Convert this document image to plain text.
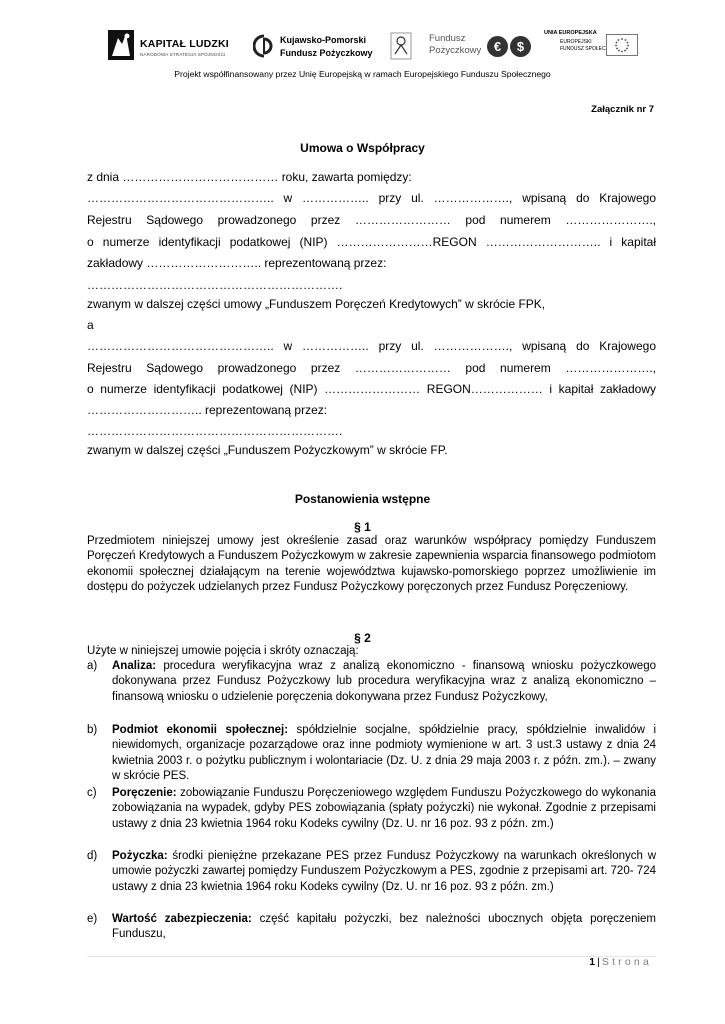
KAPITAŁ LUDZKI
NARODOWA STRATEGIA SPÓJNOŚCI
Kujawsko-Pomorski
Fundusz Pożyczkowy
Fundusz
Pożyczkowy €	$
UNIA EUROPEJSKA
EUROPEJSKI
FUNDUSZ SPOŁECZNY
Projekt współfinansowany przez Unię Europejską w ramach Europejskiego Funduszu Społecznego
Załącznik nr 7
Umowa o Współpracy
z dnia ………………………………… roku, zawarta pomiędzy:
……………………………………….. w …………….. przy ul. ………………., wpisaną do Krajowego
Rejestru Sądowego prowadzonego przez …………………… pod numerem ………………….,
o numerze identyfikacji podatkowej (NIP) ……………………REGON ……………………….. i kapitał
zakładowy ……………………….. reprezentowaną przez:
……………………………………………………….
zwanym w dalszej części umowy „Funduszem Poręczeń Kredytowych” w skrócie FPK,
a
……………………………………….. w …………….. przy ul. ………………., wpisaną do Krajowego
Rejestru Sądowego prowadzonego przez …………………… pod numerem ………………….,
o numerze identyfikacji podatkowej (NIP) …………………… REGON……………… i kapitał zakładowy
……………………….. reprezentowaną przez:
……………………………………………………….
zwanym w dalszej części „Funduszem Pożyczkowym” w skrócie FP.
Postanowienia wstępne
§ 1
Przedmiotem niniejszej umowy jest określenie zasad oraz warunków współpracy pomiędzy Funduszem Poręczeń Kredytowych a Funduszem Pożyczkowym w zakresie zapewnienia wsparcia finansowego podmiotom ekonomii społecznej działającym na terenie województwa kujawsko-pomorskiego poprzez umożliwienie im dostępu do pożyczek udzielanych przez Fundusz Pożyczkowy poręczonych przez Fundusz Poręczeniowy.
§ 2
Użyte w niniejszej umowie pojęcia i skróty oznaczają:
a) Analiza: procedura weryfikacyjna wraz z analizą ekonomiczno - finansową wniosku pożyczkowego dokonywana przez Fundusz Pożyczkowy lub procedura weryfikacyjna wraz z analizą ekonomiczno – finansową wniosku o udzielenie poręczenia dokonywana przez Fundusz Pożyczkowy,
b) Podmiot ekonomii społecznej: spółdzielnie socjalne, spółdzielnie pracy, spółdzielnie inwalidów i niewidomych, organizacje pozarządowe oraz inne podmioty wymienione w art. 3 ust.3 ustawy z dnia 24 kwietnia 2003 r. o pożytku publicznym i wolontariacie (Dz. U. z dnia 29 maja 2003 r. z późn. zm.). – zwany w skrócie PES.
c) Poręczenie: zobowiązanie Funduszu Poręczeniowego względem Funduszu Pożyczkowego do wykonania zobowiązania na wypadek, gdyby PES zobowiązania (spłaty pożyczki) nie wykonał. Zgodnie z przepisami ustawy z dnia 23 kwietnia 1964 roku Kodeks cywilny (Dz. U. nr 16 poz. 93 z późn. zm.)
d) Pożyczka: środki pieniężne przekazane PES przez Fundusz Pożyczkowy na warunkach określonych w umowie pożyczki zawartej pomiędzy Funduszem Pożyczkowym a PES, zgodnie z przepisami art. 720- 724 ustawy z dnia 23 kwietnia 1964 roku Kodeks cywilny (Dz. U. nr 16 poz. 93 z późn. zm.)
e) Wartość zabezpieczenia: część kapitału pożyczki, bez należności ubocznych objęta poręczeniem Funduszu,
1 | Strona
